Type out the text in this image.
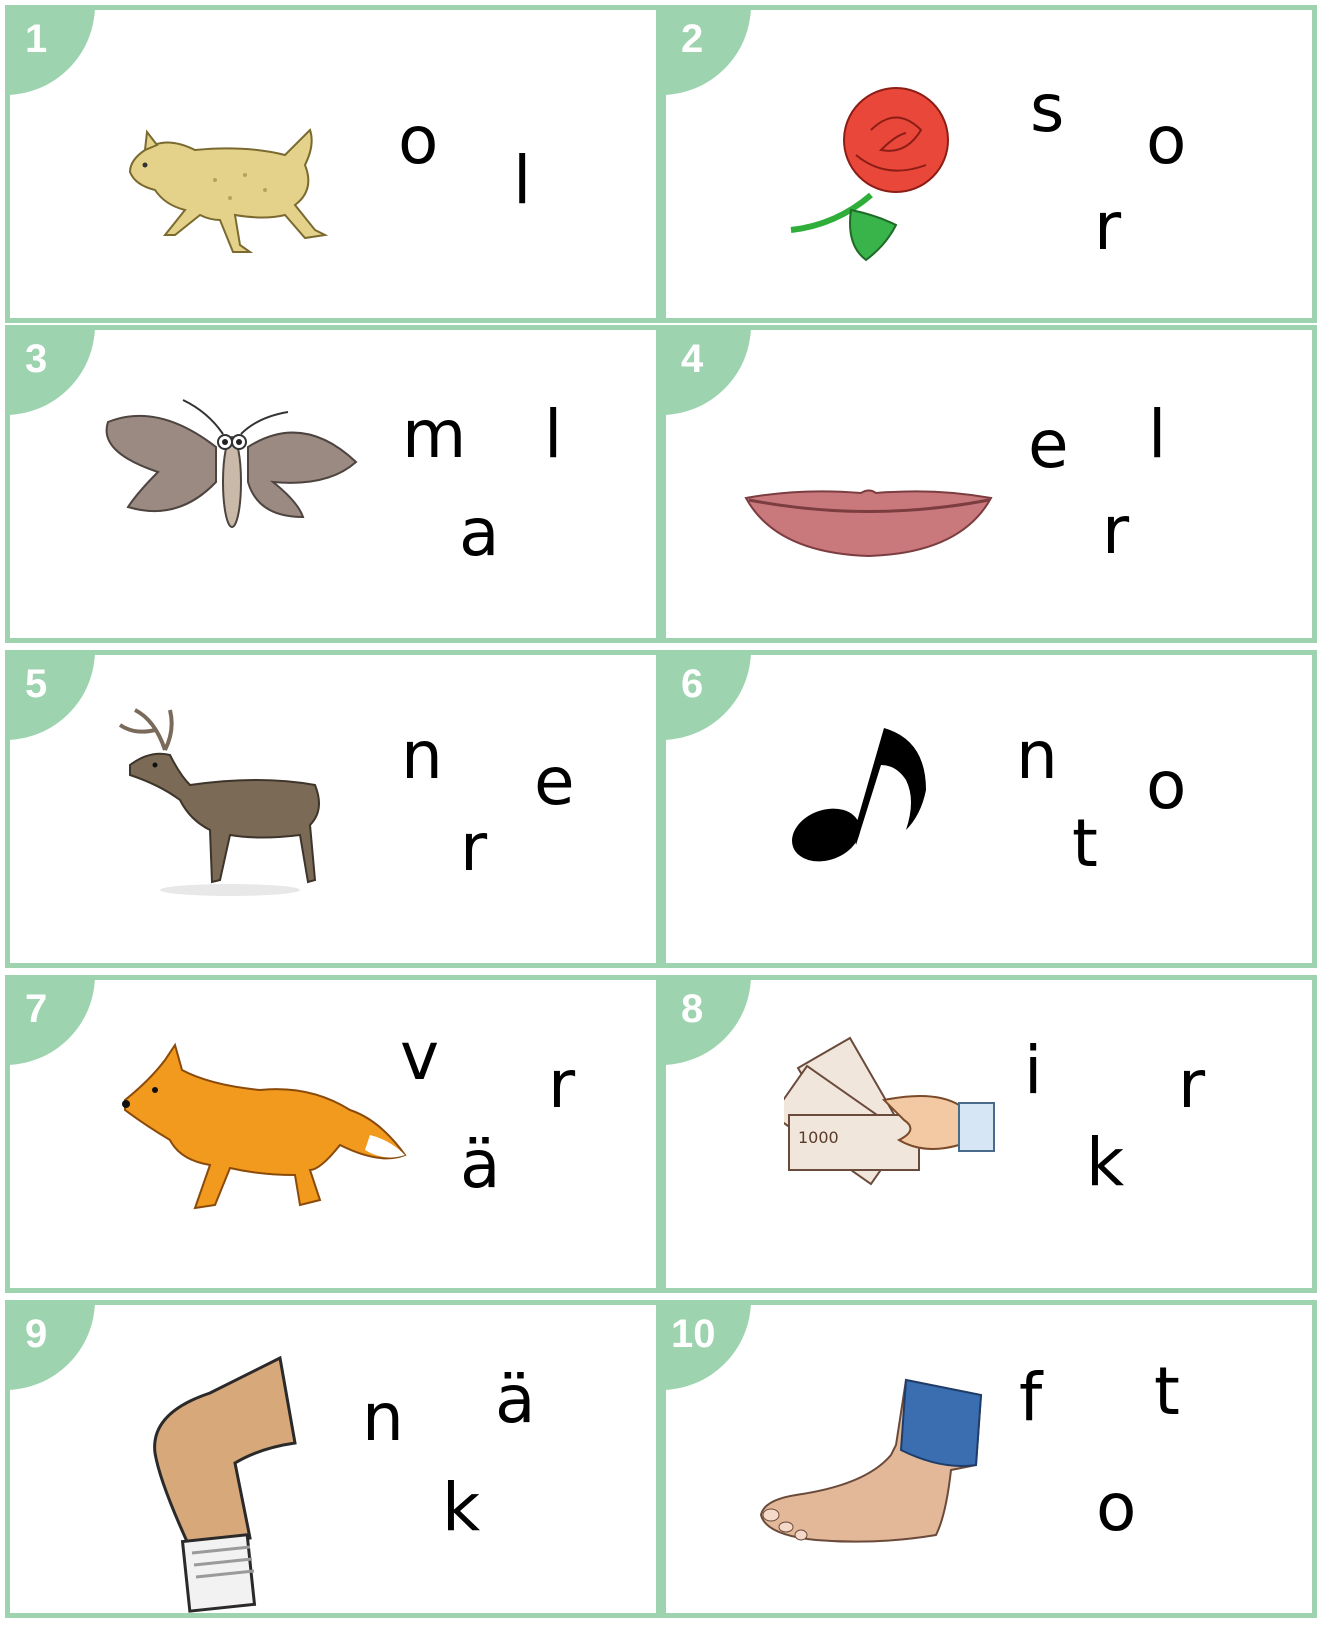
1
o
l
2
s o
r
3
m l
a
4
e l
r
5
n e
r
6
n o
t
7
v r
ä
8
1000
i r
k
9
n ä
k
10
f t
o
